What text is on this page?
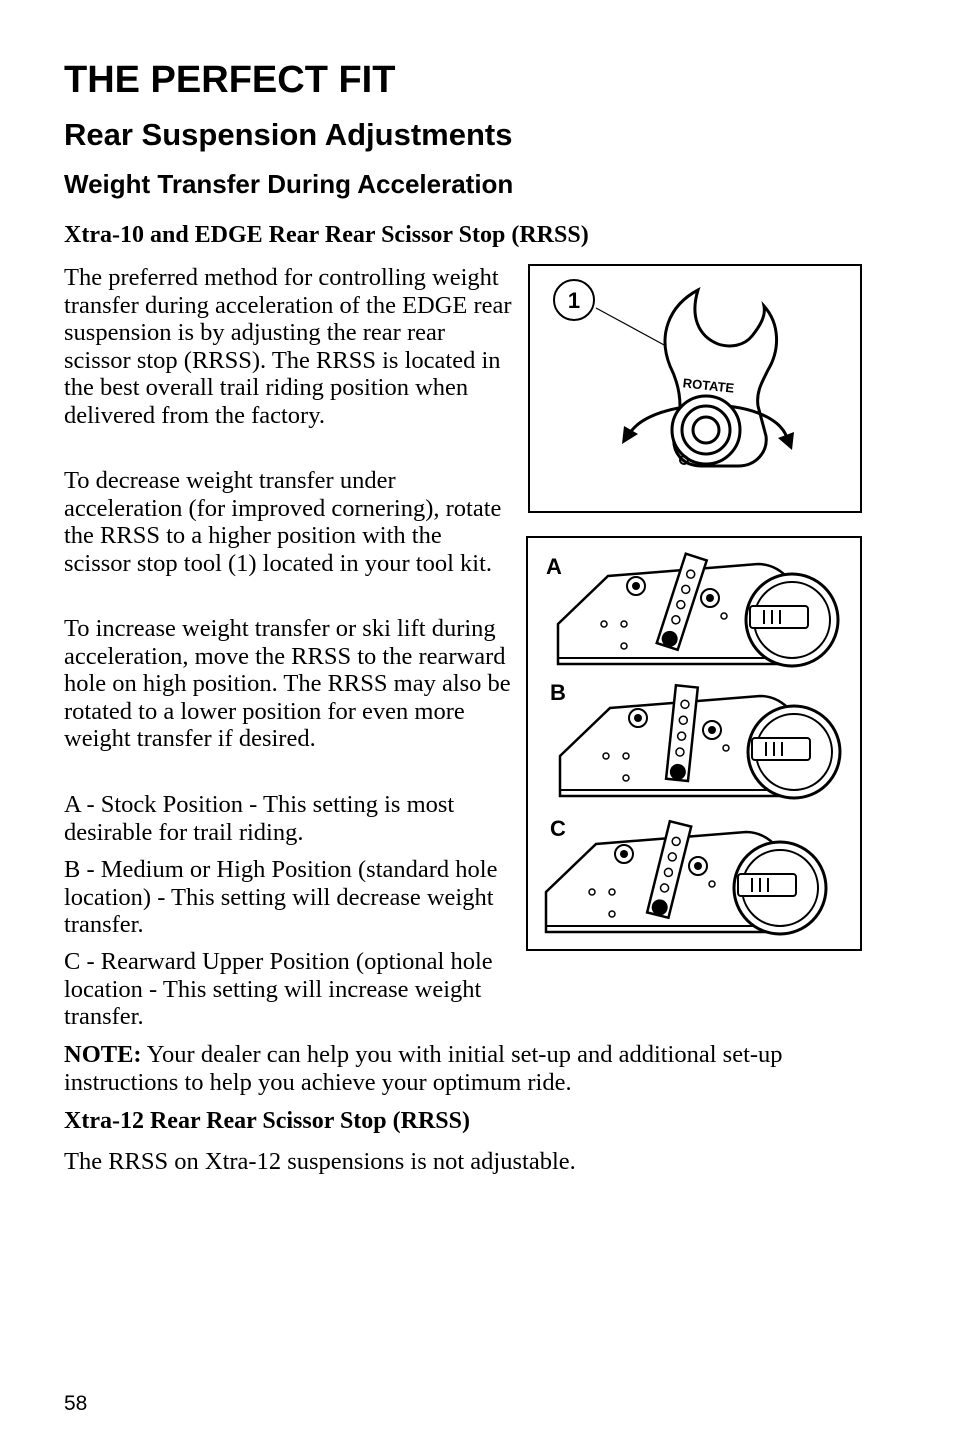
THE PERFECT FIT
Rear Suspension Adjustments
Weight Transfer During Acceleration
Xtra-10 and EDGE Rear Rear Scissor Stop (RRSS)

The preferred method for controlling weight transfer during acceleration of the EDGE rear suspension is by adjusting the rear rear scissor stop (RRSS). The RRSS is located in the best overall trail riding position when delivered from the factory.

To decrease weight transfer under acceleration (for improved cornering), rotate the RRSS to a higher position with the scissor stop tool (1) located in your tool kit.

To increase weight transfer or ski lift during acceleration, move the RRSS to the rearward hole on high position. The RRSS may also be rotated to a lower position for even more weight transfer if desired.

A - Stock Position - This setting is most desirable for trail riding.

B - Medium or High Position (standard hole location) - This setting will decrease weight transfer.

C - Rearward Upper Position (optional hole location - This setting will increase weight transfer.

NOTE: Your dealer can help you with initial set-up and additional set-up instructions to help you achieve your optimum ride.

Xtra-12 Rear Rear Scissor Stop (RRSS)

The RRSS on Xtra-12 suspensions is not adjustable.

1
ROTATE
A
B
C
58
